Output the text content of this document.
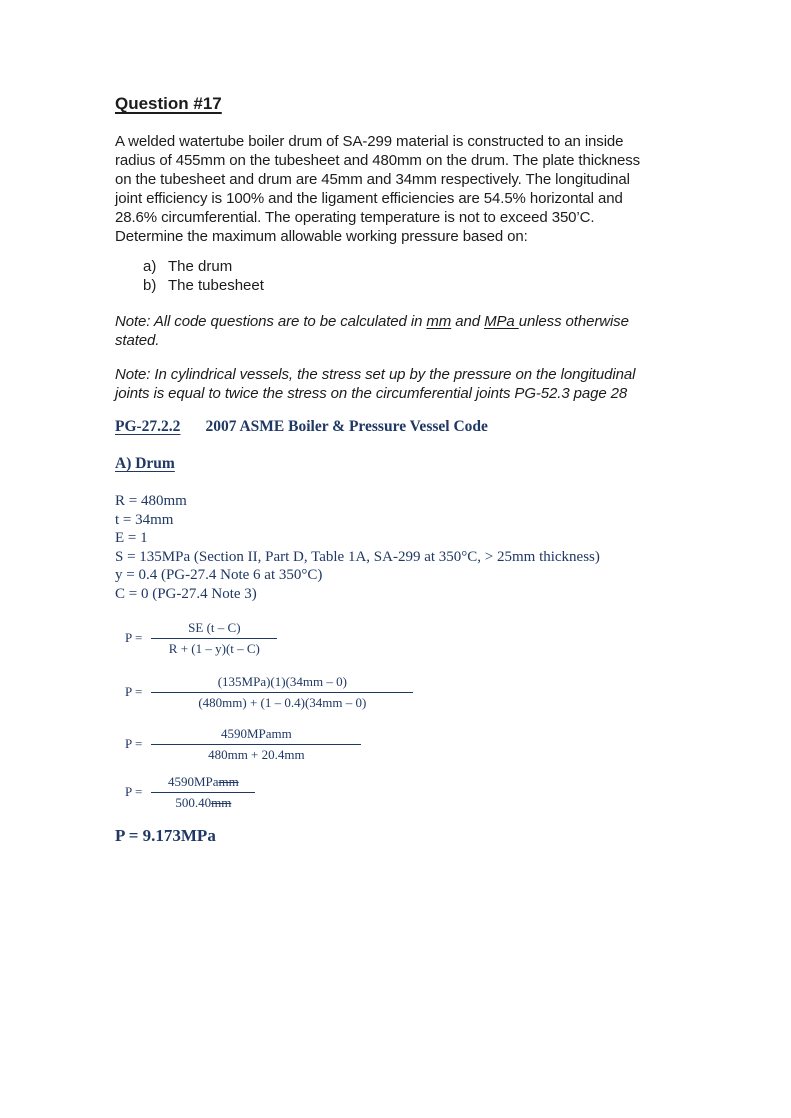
Question #17
A welded watertube boiler drum of SA-299 material is constructed to an inside
radius of 455mm on the tubesheet and 480mm on the drum. The plate thickness
on the tubesheet and drum are 45mm and 34mm respectively. The longitudinal
joint efficiency is 100% and the ligament efficiencies are 54.5% horizontal and
28.6% circumferential. The operating temperature is not to exceed 350’C.
Determine the maximum allowable working pressure based on:
a) The drum
b) The tubesheet
Note: All code questions are to be calculated in mm and MPa unless otherwise
stated.
Note: In cylindrical vessels, the stress set up by the pressure on the longitudinal
joints is equal to twice the stress on the circumferential joints PG-52.3 page 28
PG-27.2.2 2007 ASME Boiler & Pressure Vessel Code
A) Drum
R = 480mm
t = 34mm
E = 1
S = 135MPa (Section II, Part D, Table 1A, SA-299 at 350°C, > 25mm thickness)
y = 0.4 (PG-27.4 Note 6 at 350°C)
C = 0 (PG-27.4 Note 3)
$P = \frac{SE (t - C)}{R + (1 - y)(t - C)}$
$P = \frac{\text{(135MPa)(1)(34mm – 0)}}{(480mm) + (1 - 0.4)(34mm - 0)}$
$P = \frac{\text{4590MPamm}}{480mm + 20.4mm}$
$P = \frac{\text{4590MPamm}}{500.40mm}$
P = 9.173MPa
